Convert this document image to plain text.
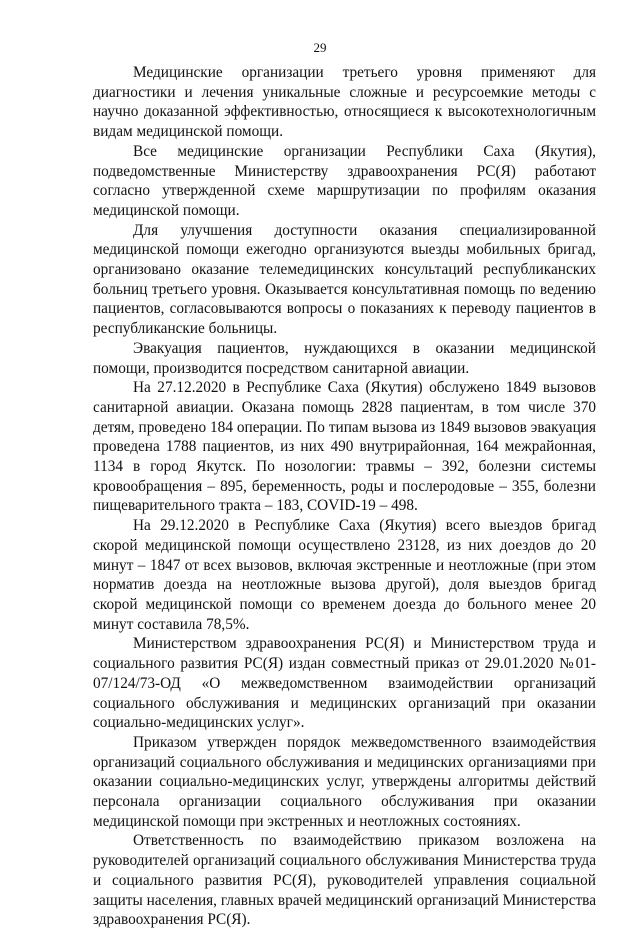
29

Медицинские организации третьего уровня применяют для диагностики и лечения уникальные сложные и ресурсоемкие методы с научно доказанной эффективностью, относящиеся к высокотехнологичным видам медицинской помощи.

Все медицинские организации Республики Саха (Якутия), подведомственные Министерству здравоохранения РС(Я) работают согласно утвержденной схеме маршрутизации по профилям оказания медицинской помощи.

Для улучшения доступности оказания специализированной медицинской помощи ежегодно организуются выезды мобильных бригад, организовано оказание телемедицинских консультаций республиканских больниц третьего уровня. Оказывается консультативная помощь по ведению пациентов, согласовываются вопросы о показаниях к переводу пациентов в республиканские больницы.

Эвакуация пациентов, нуждающихся в оказании медицинской помощи, производится посредством санитарной авиации.

На 27.12.2020 в Республике Саха (Якутия) обслужено 1849 вызовов санитарной авиации. Оказана помощь 2828 пациентам, в том числе 370 детям, проведено 184 операции. По типам вызова из 1849 вызовов эвакуация проведена 1788 пациентов, из них 490 внутрирайонная, 164 межрайонная, 1134 в город Якутск. По нозологии: травмы – 392, болезни системы кровообращения – 895, беременность, роды и послеродовые – 355, болезни пищеварительного тракта – 183, COVID-19 – 498.

На 29.12.2020 в Республике Саха (Якутия) всего выездов бригад скорой медицинской помощи осуществлено 23128, из них доездов до 20 минут – 1847 от всех вызовов, включая экстренные и неотложные (при этом норматив доезда на неотложные вызова другой), доля выездов бригад скорой медицинской помощи со временем доезда до больного менее 20 минут составила 78,5%.

Министерством здравоохранения РС(Я) и Министерством труда и социального развития РС(Я) издан совместный приказ от 29.01.2020 №01-07/124/73-ОД «О межведомственном взаимодействии организаций социального обслуживания и медицинских организаций при оказании социально-медицинских услуг».

Приказом утвержден порядок межведомственного взаимодействия организаций социального обслуживания и медицинских организациями при оказании социально-медицинских услуг, утверждены алгоритмы действий персонала организации социального обслуживания при оказании медицинской помощи при экстренных и неотложных состояниях.

Ответственность по взаимодействию приказом возложена на руководителей организаций социального обслуживания Министерства труда и социального развития РС(Я), руководителей управления социальной защиты населения, главных врачей медицинский организаций Министерства здравоохранения РС(Я).
